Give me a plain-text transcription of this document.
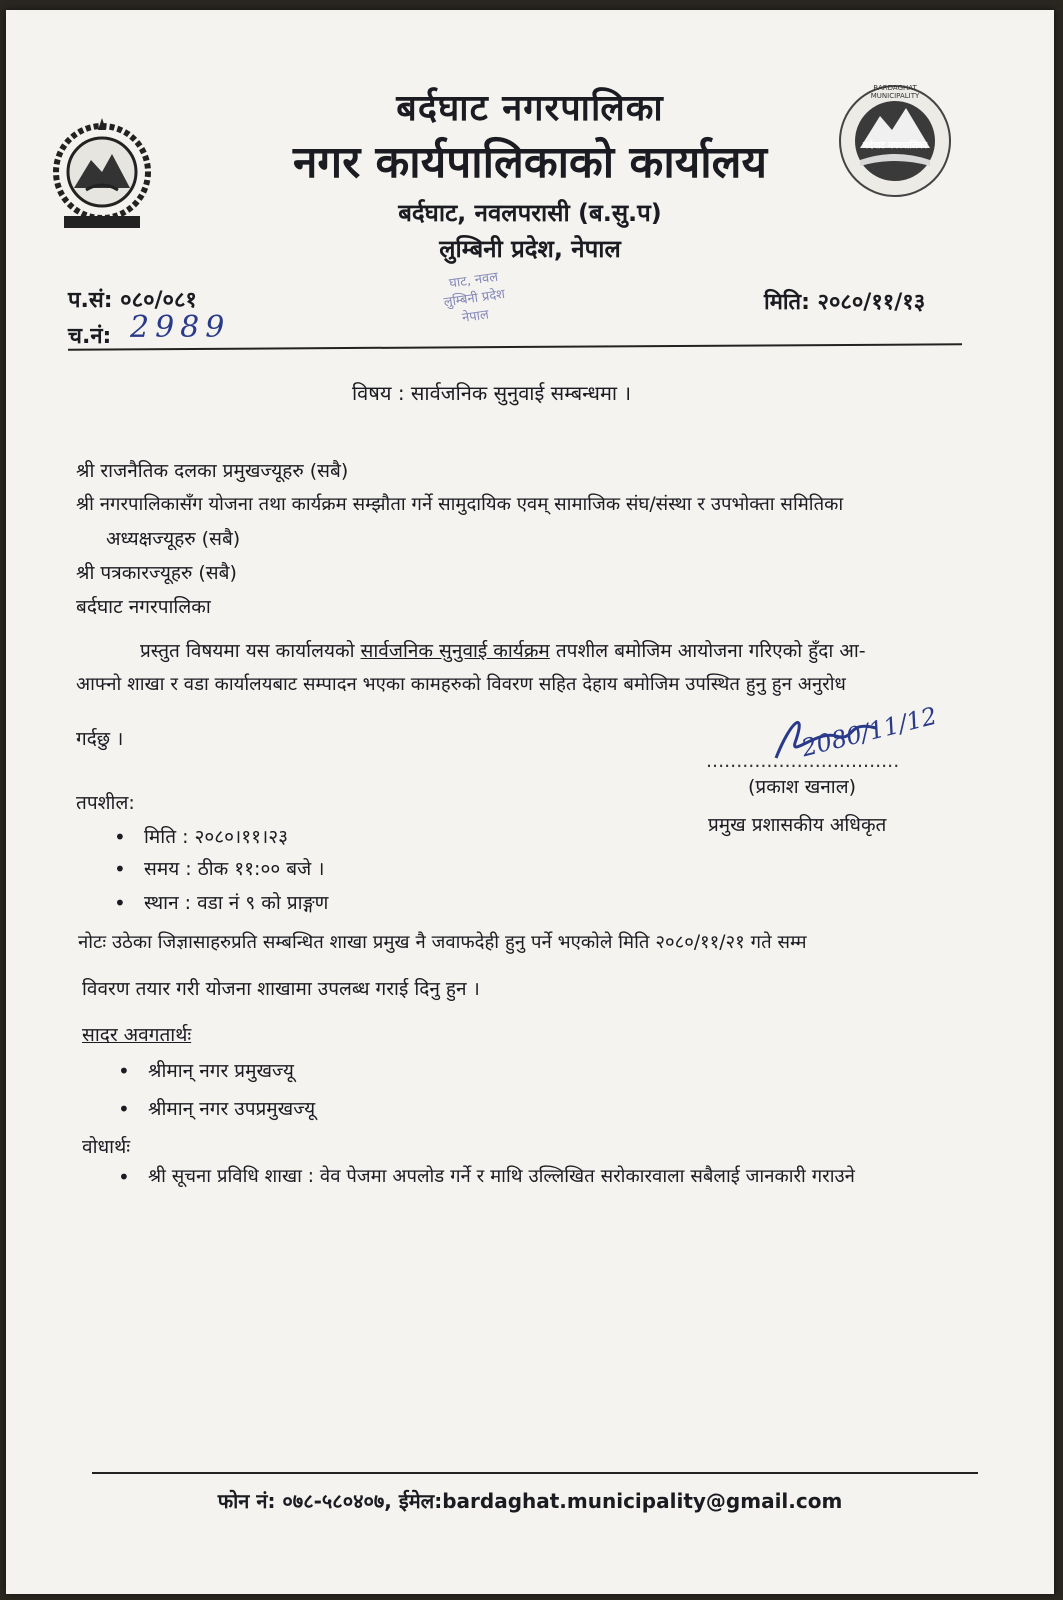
BARDAGHAT MUNICIPALITY
बर्दघाट नगरपालिका
बर्दघाट नगरपालिका
नगर कार्यपालिकाको कार्यालय
बर्दघाट, नवलपरासी (ब.सु.प)
लुम्बिनी प्रदेश, नेपाल
घाट, नवल
लुम्बिनी प्रदेश
नेपाल
प.सं: ०८०/०८१
च.नं: 2989
मिति: २०८०/११/१३
विषय : सार्वजनिक सुनुवाई सम्बन्धमा ।
श्री राजनैतिक दलका प्रमुखज्यूहरु (सबै)
श्री नगरपालिकासँग योजना तथा कार्यक्रम सम्झौता गर्ने सामुदायिक एवम् सामाजिक संघ/संस्था र उपभोक्ता समितिका
अध्यक्षज्यूहरु (सबै)
श्री पत्रकारज्यूहरु (सबै)
बर्दघाट नगरपालिका
प्रस्तुत विषयमा यस कार्यालयको सार्वजनिक सुनुवाई कार्यक्रम तपशील बमोजिम आयोजना गरिएको हुँदा आ-
आफ्नो शाखा र वडा कार्यालयबाट सम्पादन भएका कामहरुको विवरण सहित देहाय बमोजिम उपस्थित हुनु हुन अनुरोध
गर्दछु ।
................................
2080/11/12
(प्रकाश खनाल)
प्रमुख प्रशासकीय अधिकृत
तपशील:
• मिति : २०८०।११।२३
• समय : ठीक ११:०० बजे ।
• स्थान : वडा नं ९ को प्राङ्गण
नोटः उठेका जिज्ञासाहरुप्रति सम्बन्धित शाखा प्रमुख नै जवाफदेही हुनु पर्ने भएकोले मिति २०८०/११/२१ गते सम्म
विवरण तयार गरी योजना शाखामा उपलब्ध गराई दिनु हुन ।
सादर अवगतार्थः
• श्रीमान् नगर प्रमुखज्यू
• श्रीमान् नगर उपप्रमुखज्यू
वोधार्थः
• श्री सूचना प्रविधि शाखा : वेव पेजमा अपलोड गर्ने र माथि उल्लिखित सरोकारवाला सबैलाई जानकारी गराउने
फोन नं: ०७८-५८०४०७, ईमेल:bardaghat.municipality@gmail.com
